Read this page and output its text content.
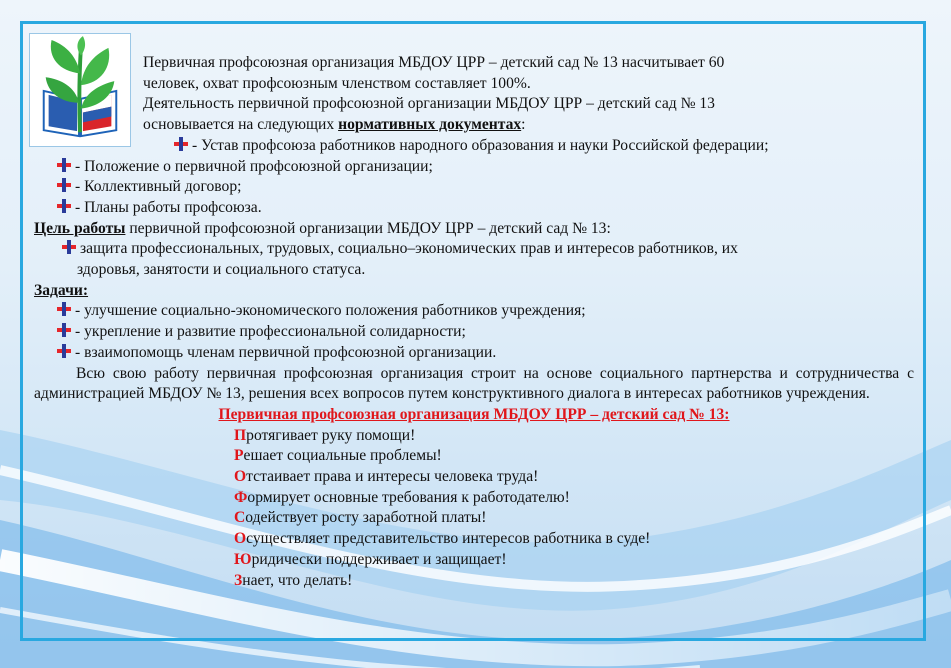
Первичная профсоюзная организация МБДОУ ЦРР – детский сад № 13 насчитывает 60

человек, охват профсоюзным членством составляет 100%.

Деятельность первичной профсоюзной организации МБДОУ ЦРР – детский сад № 13

основывается на следующих нормативных документах:

- Устав профсоюза работников народного образования и науки Российской федерации;

- Положение о первичной профсоюзной организации;

- Коллективный договор;

- Планы работы профсоюза.

Цель работы первичной профсоюзной организации МБДОУ ЦРР – детский сад № 13:

защита профессиональных, трудовых, социально–экономических прав и интересов работников, их

здоровья, занятости и социального статуса.

Задачи:

- улучшение социально-экономического положения работников учреждения;

- укрепление и развитие профессиональной солидарности;

- взаимопомощь членам первичной профсоюзной организации.

Всю свою работу первичная профсоюзная организация строит на основе социального партнерства и сотрудничества с администрацией МБДОУ № 13, решения всех вопросов путем конструктивного диалога в интересах работников учреждения.

Первичная профсоюзная организация МБДОУ ЦРР – детский сад № 13:

Протягивает руку помощи!

Решает социальные проблемы!

Отстаивает права и интересы человека труда!

Формирует основные требования к работодателю!

Содействует росту заработной платы!

Осуществляет представительство интересов работника в суде!

Юридически поддерживает и защищает!

Знает, что делать!
